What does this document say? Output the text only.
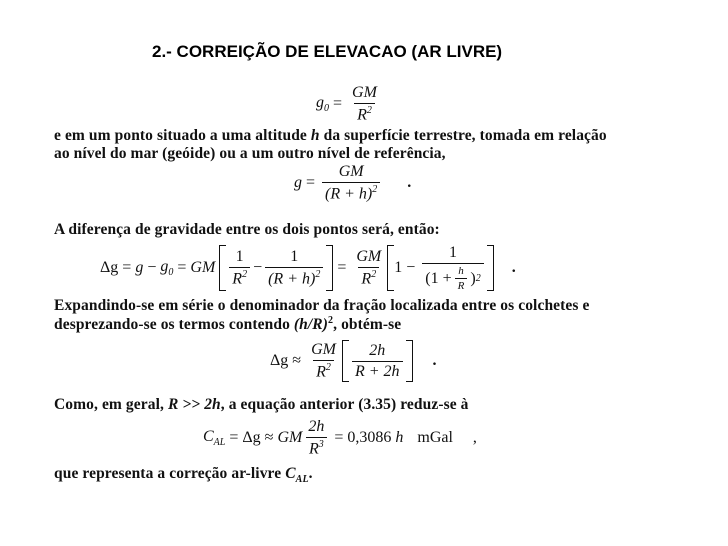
2.- CORREIÇÃO DE ELEVACAO (AR LIVRE)
$g_0 = \frac{GM}{R^2}$
e em um ponto situado a uma altitude h da superfície terrestre, tomada em relação
ao nível do mar (geóide) ou a um outro nível de referência,
$g = \frac{GM}{(R + h)^2}$ .
A diferença de gravidade entre os dois pontos será, então:
$\Delta g = g - g_0$ = GM $\frac{1}{R^2} - \frac{1}{(R + h)^2} = \frac{GM}{R^2} 1 - \frac{1}{(1 + \frac{h}{R} ) 2}$ .
Expandindo-se em série o denominador da fração localizada entre os colchetes e
desprezando-se os termos contendo $(h/R)^2$, obtém-se
$\Delta g \approx \frac{GM}{R^2} \frac{2h}{R + 2h}$ .
Como, em geral, R >> 2h, a equação anterior (3.35) reduz-se à
$C_{AL} = \Delta g$ ≈ GM $\frac{2h}{R^3} = 0,3086$ h mGal ,
que representa a correção ar-livre $C_{AL}$.
